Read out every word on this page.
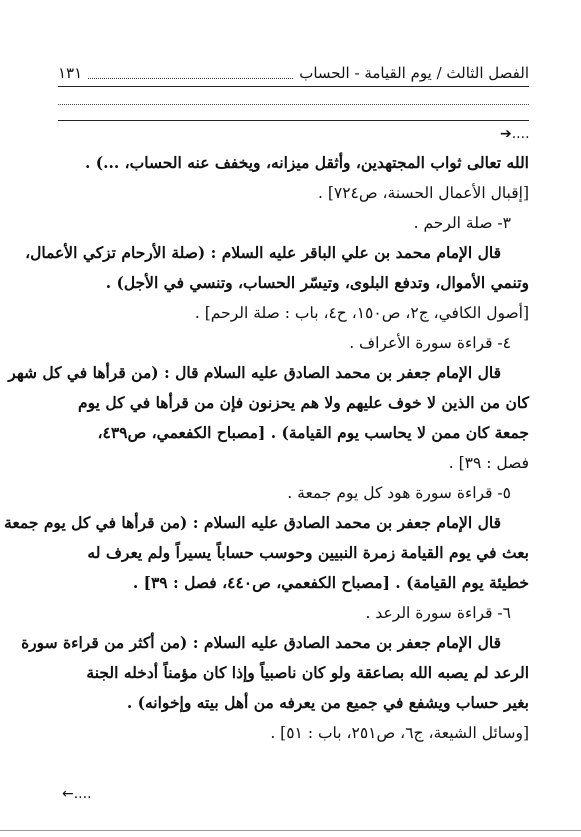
الفصل الثالث / يوم القيامة - الحساب
١٣١
➔....
الله تعالى ثواب المجتهدين، وأثقل ميزانه، ويخفف عنه الحساب، ...) .
[إقبال الأعمال الحسنة، ص٧٢٤] .
٣- صلة الرحم .
قال الإمام محمد بن علي الباقر عليه السلام : (صلة الأرحام تزكي الأعمال،
وتنمي الأموال، وتدفع البلوى، وتيسّر الحساب، وتنسي في الأجل) .
[أصول الكافي، ج٢، ص١٥٠، ح٤، باب : صلة الرحم] .
٤- قراءة سورة الأعراف .
قال الإمام جعفر بن محمد الصادق عليه السلام قال : (من قرأها في كل شهر
كان من الذين لا خوف عليهم ولا هم يحزنون فإن من قرأها في كل يوم
جمعة كان ممن لا يحاسب يوم القيامة) . [مصباح الكفعمي، ص٤٣٩،
فصل : ٣٩] .
٥- قراءة سورة هود كل يوم جمعة .
قال الإمام جعفر بن محمد الصادق عليه السلام : (من قرأها في كل يوم جمعة
بعث في يوم القيامة زمرة النبيين وحوسب حساباً يسيراً ولم يعرف له
خطيئة يوم القيامة) . [مصباح الكفعمي، ص٤٤٠، فصل : ٣٩] .
٦- قراءة سورة الرعد .
قال الإمام جعفر بن محمد الصادق عليه السلام : (من أكثر من قراءة سورة
الرعد لم يصبه الله بصاعقة ولو كان ناصبياً وإذا كان مؤمناً أدخله الجنة
بغير حساب ويشفع في جميع من يعرفه من أهل بيته وإخوانه) .
[وسائل الشيعة، ج٦، ص٢٥١، باب : ٥١] .
←....
